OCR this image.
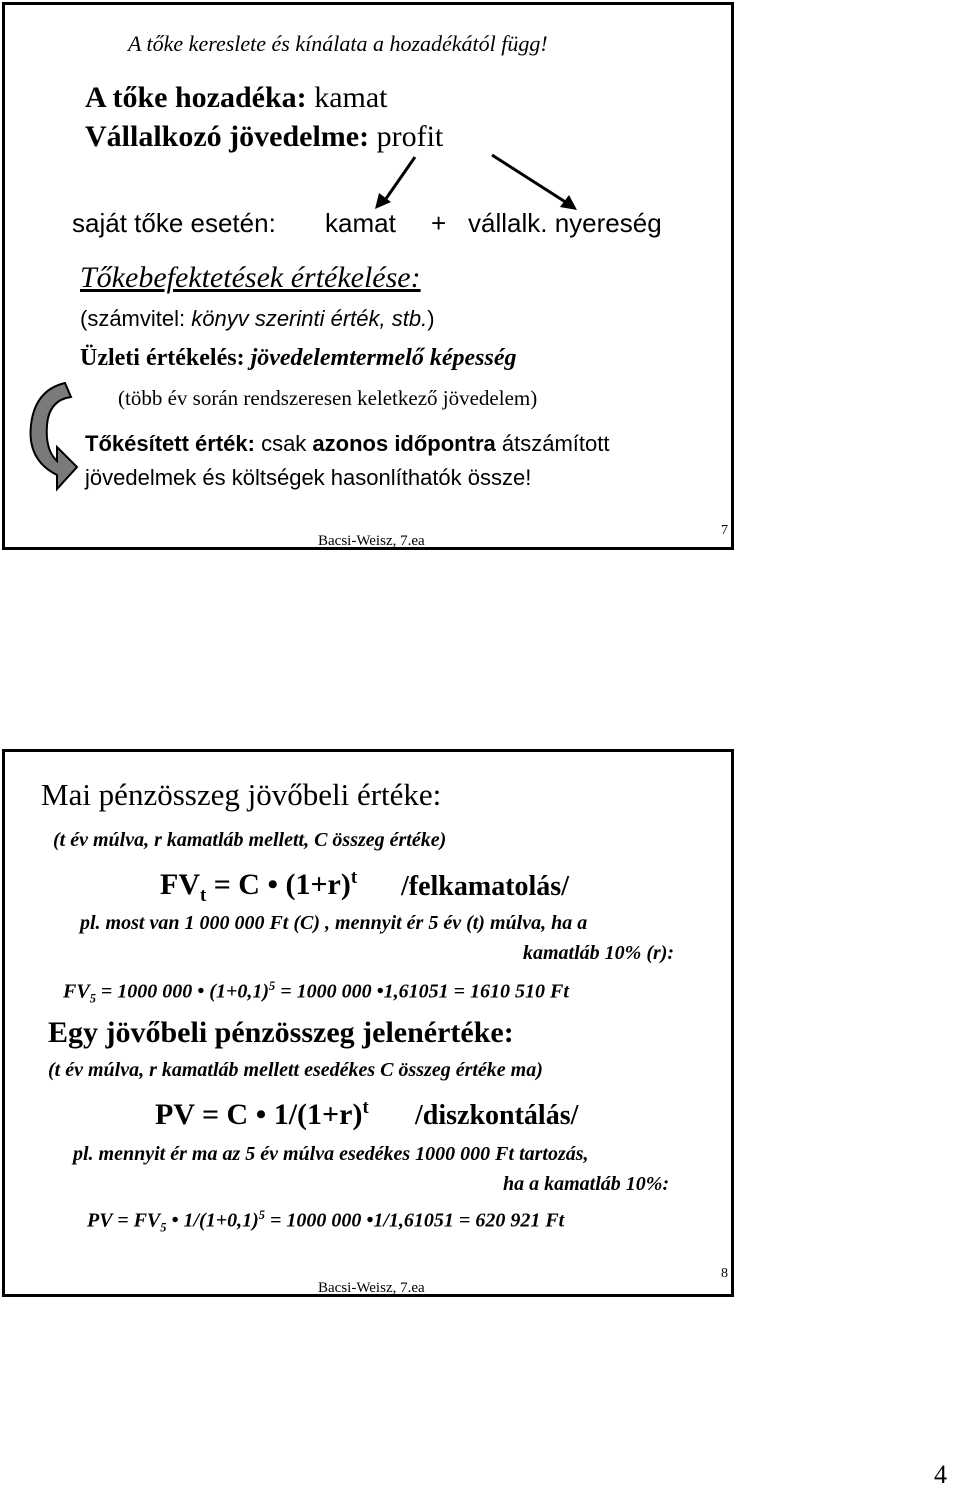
A tőke kereslete és kínálata a hozadékától függ!
A tőke hozadéka: kamat
Vállalkozó jövedelme: profit
saját tőke esetén: kamat + vállalk. nyereség
Tőkebefektetések értékelése:
(számvitel: könyv szerinti érték, stb.)
Üzleti értékelés: jövedelemtermelő képesség
(több év során rendszeresen keletkező jövedelem)
Tőkésített érték: csak azonos időpontra átszámított
jövedelmek és költségek hasonlíthatók össze!
Bacsi-Weisz, 7.ea
7
Mai pénzösszeg jövőbeli értéke:
(t év múlva, r kamatláb mellett, C összeg értéke)
$FV_t = C$ • $(1+r)^t$ /felkamatolás/
pl. most van 1 000 000 Ft (C) , mennyit ér 5 év (t) múlva, ha a
kamatláb 10% (r):
$FV_5 = 1000$ 000 • $(1+0,1)^5 = 1000$ 000 •1,61051 = 1610 510 Ft
Egy jövőbeli pénzösszeg jelenértéke:
(t év múlva, r kamatláb mellett esedékes C összeg értéke ma)
PV = C • $1/(1+r)^t$ /diszkontálás/
pl. mennyit ér ma az 5 év múlva esedékes 1000 000 Ft tartozás,
ha a kamatláb 10%:
PV = $FV_5$ • $1/(1+0,1)^5 = 1000$ 000 •1/1,61051 = 620 921 Ft
Bacsi-Weisz, 7.ea
8
4
